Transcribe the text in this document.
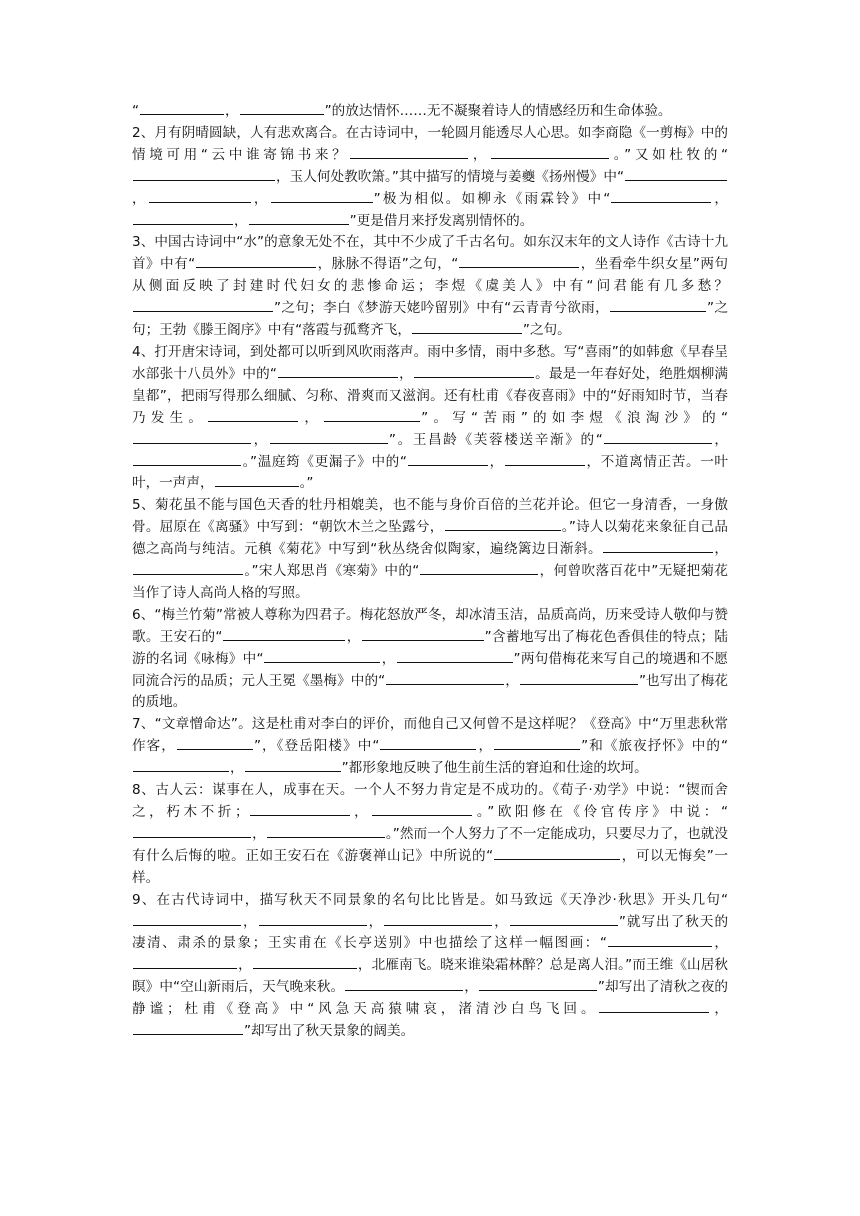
“	，	”的放达情怀……无不凝聚着诗人的情感经历和生命体验。

2、月有阴晴圆缺，人有悲欢离合。在古诗词中，一轮圆月能透尽人心思。如李商隐《一剪梅》中的情境可用“云中谁寄锦书来？	，	。”又如杜牧的“，玉人何处教吹箫。”其中描写的情境与姜夔《扬州慢》中“，	，	”极为相似。如柳永《雨霖铃》中“	，，	”更是借月来抒发离别情怀的。

3、中国古诗词中“水”的意象无处不在，其中不少成了千古名句。如东汉末年的文人诗作《古诗十九首》中有“	，脉脉不得语”之句，“	，坐看牵牛织女星”两句从侧面反映了封建时代妇女的悲惨命运；李煜《虞美人》中有“问君能有几多愁？”之句；李白《梦游天姥吟留别》中有“云青青兮欲雨，	”之句；王勃《滕王阁序》中有“落霞与孤鹜齐飞，	”之句。

4、打开唐宋诗词，到处都可以听到风吹雨落声。雨中多情，雨中多愁。写“喜雨”的如韩愈《早春呈水部张十八员外》中的“	，	。最是一年春好处，绝胜烟柳满皇都”，把雨写得那么细腻、匀称、滑爽而又滋润。还有杜甫《春夜喜雨》中的“好雨知时节，当春乃发生。	，	”。写“苦雨”的如李煜《浪淘沙》的“，	”。王昌龄《芙蓉楼送辛渐》的“	，。”温庭筠《更漏子》中的“	，	，不道离情正苦。一叶叶，一声声，	。”

5、菊花虽不能与国色天香的牡丹相媲美，也不能与身价百倍的兰花并论。但它一身清香，一身傲骨。屈原在《离骚》中写到：“朝饮木兰之坠露兮，	。”诗人以菊花来象征自己品德之高尚与纯洁。元稹《菊花》中写到“秋丛绕舍似陶家，遍绕篱边日渐斜。	，。”宋人郑思肖《寒菊》中的“	，何曾吹落百花中”无疑把菊花当作了诗人高尚人格的写照。

6、“梅兰竹菊”常被人尊称为四君子。梅花怒放严冬，却冰清玉洁，品质高尚，历来受诗人敬仰与赞歌。王安石的“	，	”含蓄地写出了梅花色香俱佳的特点；陆游的名词《咏梅》中“	，	”两句借梅花来写自己的境遇和不愿同流合污的品质；元人王冕《墨梅》中的“	，	”也写出了梅花的质地。

7、“文章憎命达”。这是杜甫对李白的评价，而他自己又何曾不是这样呢？《登高》中“万里悲秋常作客，	”，《登岳阳楼》中“	，	”和《旅夜抒怀》中的“，	”都形象地反映了他生前生活的窘迫和仕途的坎坷。

8、古人云：谋事在人，成事在天。一个人不努力肯定是不成功的。《荀子·劝学》中说：“锲而舍之，朽木不折；	，	。”欧阳修在《伶官传序》中说：“，	。”然而一个人努力了不一定能成功，只要尽力了，也就没有什么后悔的啦。正如王安石在《游褒禅山记》中所说的“	，可以无悔矣”一样。

9、在古代诗词中，描写秋天不同景象的名句比比皆是。如马致远《天净沙·秋思》开头几句“，	，	，	”就写出了秋天的凄清、肃杀的景象；王实甫在《长亭送别》中也描绘了这样一幅图画：“	，，	，北雁南飞。晓来谁染霜林醉？总是离人泪。”而王维《山居秋暝》中“空山新雨后，天气晚来秋。	，	”却写出了清秋之夜的静谧；杜甫《登高》中“风急天高猿啸哀，渚清沙白鸟飞回。	，”却写出了秋天景象的阔美。
